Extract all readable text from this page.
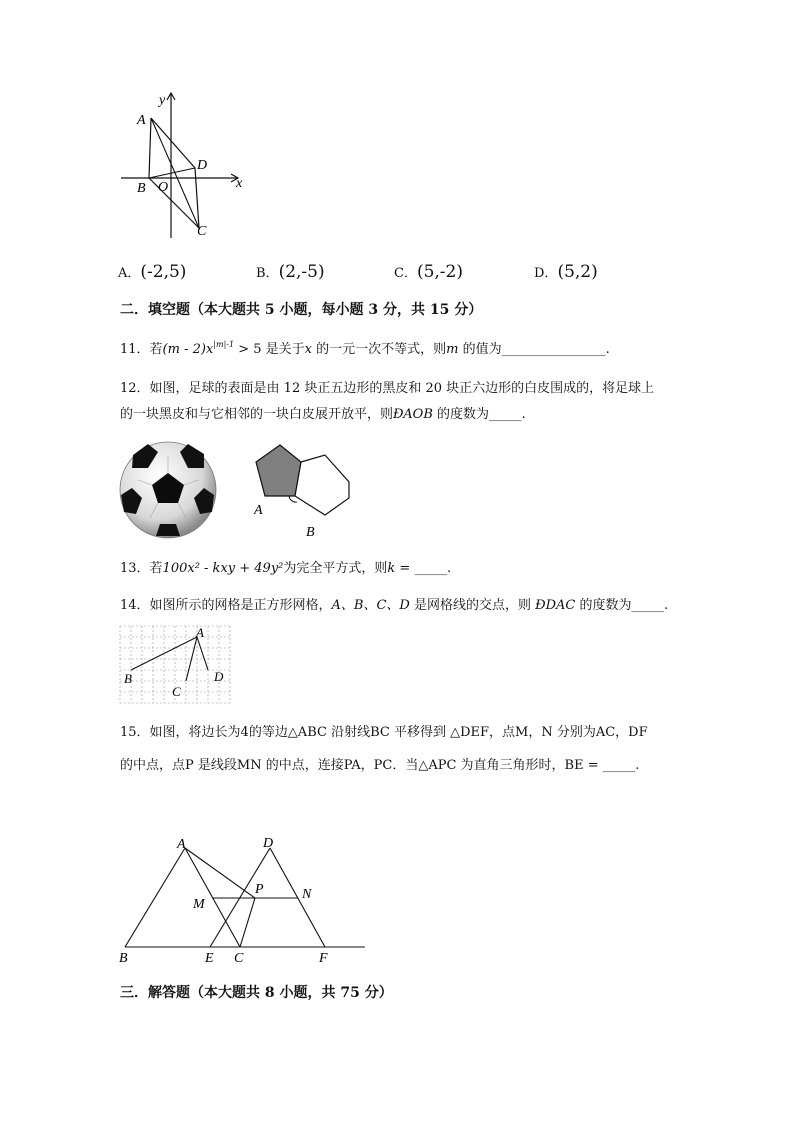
y
x
A
B O
D
C
A．(-2,5)	B．(2,-5)	C．(5,-2)	D．(5,2)
二．填空题（本大题共 5 小题，每小题 3 分，共 15 分）
11．若$(m - 2)x^{|m|-1} > 5$ 是关于x 的一元一次不等式，则m 的值为________________.
12．如图，足球的表面是由 12 块正五边形的黑皮和 20 块正六边形的白皮围成的，将足球上
的一块黑皮和与它相邻的一块白皮展开放平，则ÐAOB 的度数为_____.
A
B
13．若100x² - kxy + 49y²为完全平方式，则k = _____.
14．如图所示的网格是正方形网格，A、B、C、D 是网格线的交点，则 ÐDAC 的度数为_____.
A
B
C
D
15．如图，将边长为4的等边△ABC 沿射线BC 平移得到 △DEF，点M，N 分别为AC，DF
的中点，点P 是线段MN 的中点，连接PA，PC．当△APC 为直角三角形时，BE = _____.
A	D
P	N
M
B	E C	F
三．解答题（本大题共 8 小题，共 75 分）
